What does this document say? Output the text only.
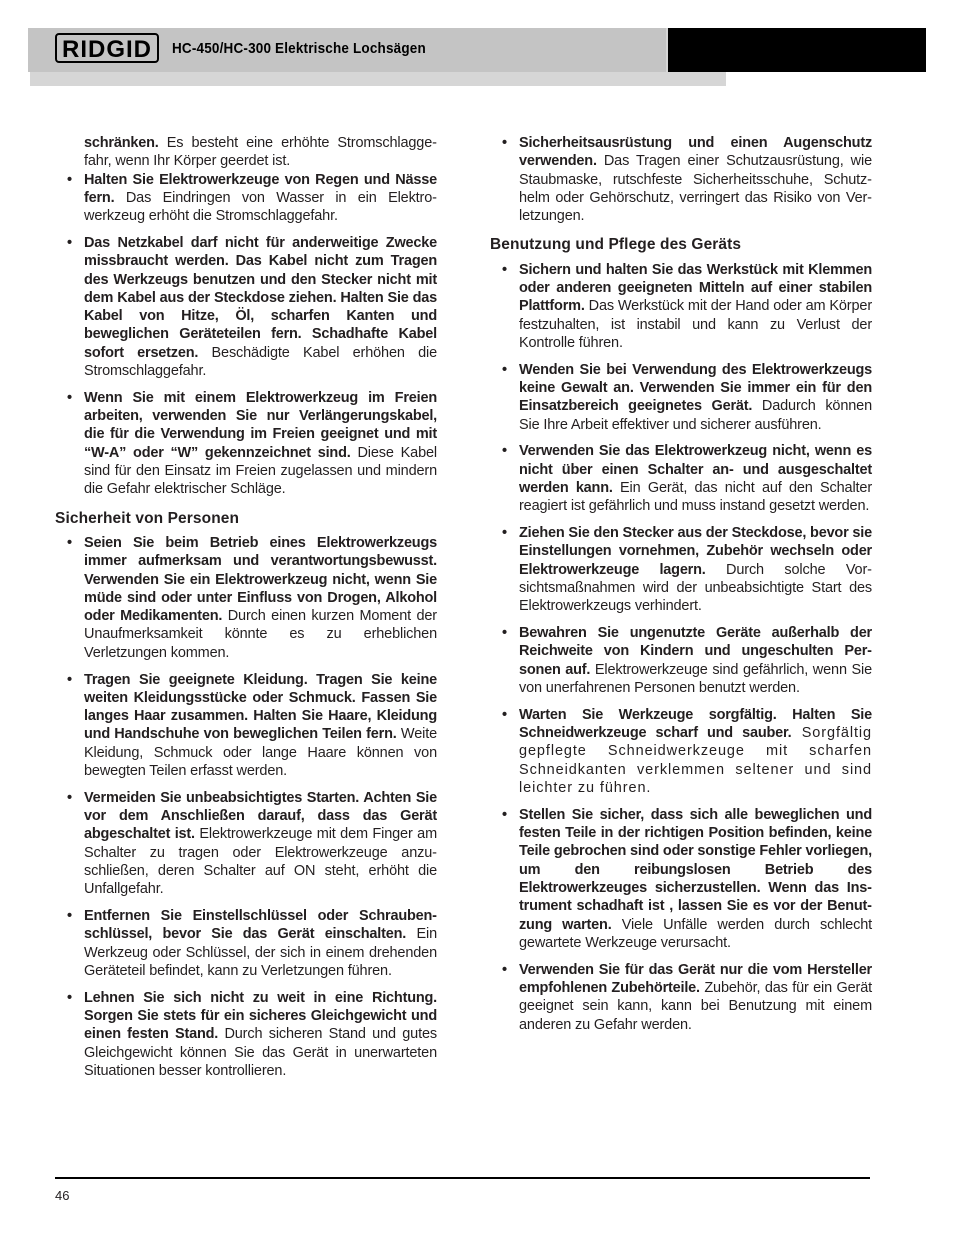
RIDGID HC-450/HC-300 Elektrische Lochsägen

schränken. Es besteht eine erhöhte Stromschlaggefahr, wenn Ihr Körper geerdet ist.

• Halten Sie Elektrowerkzeuge von Regen und Nässe fern. Das Eindringen von Wasser in ein Elektrowerkzeug erhöht die Stromschlaggefahr.
• Das Netzkabel darf nicht für anderweitige Zwecke missbraucht werden. Das Kabel nicht zum Tragen des Werkzeugs benutzen und den Stecker nicht mit dem Kabel aus der Steckdose ziehen. Halten Sie das Kabel von Hitze, Öl, scharfen Kanten und beweglichen Geräteteilen fern. Schadhafte Kabel sofort ersetzen. Beschädigte Kabel erhöhen die Stromschlaggefahr.
• Wenn Sie mit einem Elektrowerkzeug im Freien arbeiten, verwenden Sie nur Verlängerungskabel, die für die Verwendung im Freien geeignet und mit “W-A” oder “W” gekennzeichnet sind. Diese Kabel sind für den Einsatz im Freien zugelassen und mindern die Gefahr elektrischer Schläge.
Sicherheit von Personen
• Seien Sie beim Betrieb eines Elektrowerkzeugs immer aufmerksam und verantwortungsbewusst. Verwenden Sie ein Elektrowerkzeug nicht, wenn Sie müde sind oder unter Einfluss von Drogen, Alkohol oder Medikamenten. Durch einen kurzen Moment der Unaufmerksamkeit könnte es zu erheblichen Verletzungen kommen.
• Tragen Sie geeignete Kleidung. Tragen Sie keine weiten Kleidungsstücke oder Schmuck. Fassen Sie langes Haar zusammen. Halten Sie Haare, Kleidung und Handschuhe von beweglichen Teilen fern. Weite Kleidung, Schmuck oder lange Haare können von bewegten Teilen erfasst werden.
• Vermeiden Sie unbeabsichtigtes Starten. Achten Sie vor dem Anschließen darauf, dass das Gerät abgeschaltet ist. Elektrowerkzeuge mit dem Finger am Schalter zu tragen oder Elektrowerkzeuge anzuschließen, deren Schalter auf ON steht, erhöht die Unfallgefahr.
• Entfernen Sie Einstellschlüssel oder Schraubenschlüssel, bevor Sie das Gerät einschalten. Ein Werkzeug oder Schlüssel, der sich in einem drehenden Geräteteil befindet, kann zu Verletzungen führen.
• Lehnen Sie sich nicht zu weit in eine Richtung. Sorgen Sie stets für ein sicheres Gleichgewicht und einen festen Stand. Durch sicheren Stand und gutes Gleichgewicht können Sie das Gerät in unerwarteten Situationen besser kontrollieren.
• Sicherheitsausrüstung und einen Augenschutz verwenden. Das Tragen einer Schutzausrüstung, wie Staubmaske, rutschfeste Sicherheitsschuhe, Schutzhelm oder Gehörschutz, verringert das Risiko von Verletzungen.
Benutzung und Pflege des Geräts
• Sichern und halten Sie das Werkstück mit Klemmen oder anderen geeigneten Mitteln auf einer stabilen Plattform. Das Werkstück mit der Hand oder am Körper festzuhalten, ist instabil und kann zu Verlust der Kontrolle führen.
• Wenden Sie bei Verwendung des Elektrowerkzeugs keine Gewalt an. Verwenden Sie immer ein für den Einsatzbereich geeignetes Gerät. Dadurch können Sie Ihre Arbeit effektiver und sicherer ausführen.
• Verwenden Sie das Elektrowerkzeug nicht, wenn es nicht über einen Schalter an- und ausgeschaltet werden kann. Ein Gerät, das nicht auf den Schalter reagiert ist gefährlich und muss instand gesetzt werden.
• Ziehen Sie den Stecker aus der Steckdose, bevor sie Einstellungen vornehmen, Zubehör wechseln oder Elektrowerkzeuge lagern. Durch solche Vorsichtsmaßnahmen wird der unbeabsichtigte Start des Elektrowerkzeugs verhindert.
• Bewahren Sie ungenutzte Geräte außerhalb der Reichweite von Kindern und ungeschulten Personen auf. Elektrowerkzeuge sind gefährlich, wenn Sie von unerfahrenen Personen benutzt werden.
• Warten Sie Werkzeuge sorgfältig. Halten Sie Schneidwerkzeuge scharf und sauber. Sorgfältig gepflegte Schneidwerkzeuge mit scharfen Schneidkanten verklemmen seltener und sind leichter zu führen.
• Stellen Sie sicher, dass sich alle beweglichen und festen Teile in der richtigen Position befinden, keine Teile gebrochen sind oder sonstige Fehler vorliegen, um den reibungslosen Betrieb des Elektrowerkzeuges sicherzustellen. Wenn das Instrument schadhaft ist , lassen Sie es vor der Benutzung warten. Viele Unfälle werden durch schlecht gewartete Werkzeuge verursacht.
• Verwenden Sie für das Gerät nur die vom Hersteller empfohlenen Zubehörteile. Zubehör, das für ein Gerät geeignet sein kann, kann bei Benutzung mit einem anderen zu Gefahr werden.
46
